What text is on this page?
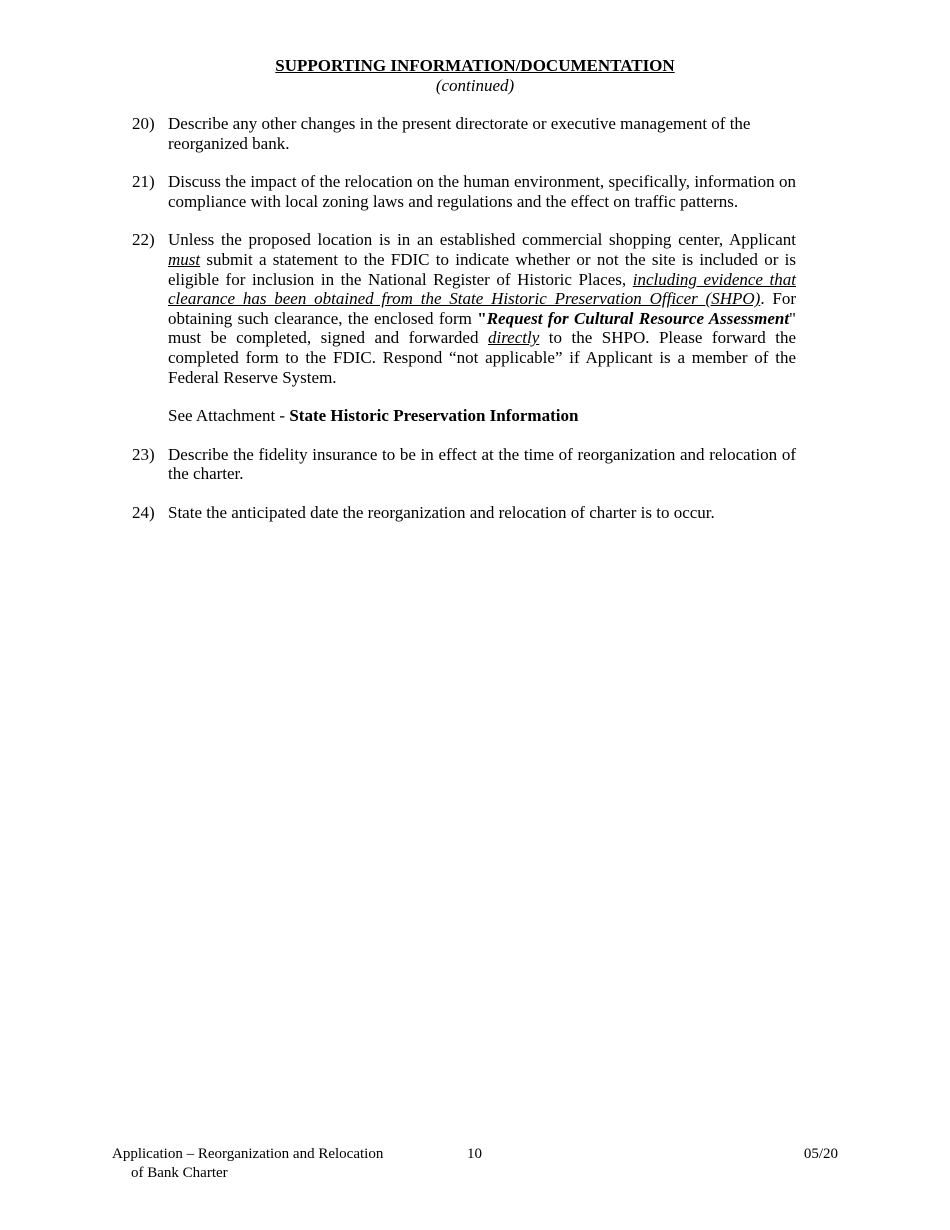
SUPPORTING INFORMATION/DOCUMENTATION
(continued)
20) Describe any other changes in the present directorate or executive management of the reorganized bank.
21) Discuss the impact of the relocation on the human environment, specifically, information on compliance with local zoning laws and regulations and the effect on traffic patterns.
22) Unless the proposed location is in an established commercial shopping center, Applicant must submit a statement to the FDIC to indicate whether or not the site is included or is eligible for inclusion in the National Register of Historic Places, including evidence that clearance has been obtained from the State Historic Preservation Officer (SHPO). For obtaining such clearance, the enclosed form "Request for Cultural Resource Assessment" must be completed, signed and forwarded directly to the SHPO. Please forward the completed form to the FDIC. Respond “not applicable” if Applicant is a member of the Federal Reserve System.
See Attachment - State Historic Preservation Information
23) Describe the fidelity insurance to be in effect at the time of reorganization and relocation of the charter.
24) State the anticipated date the reorganization and relocation of charter is to occur.
Application – Reorganization and Relocation
of Bank Charter
10	05/20
